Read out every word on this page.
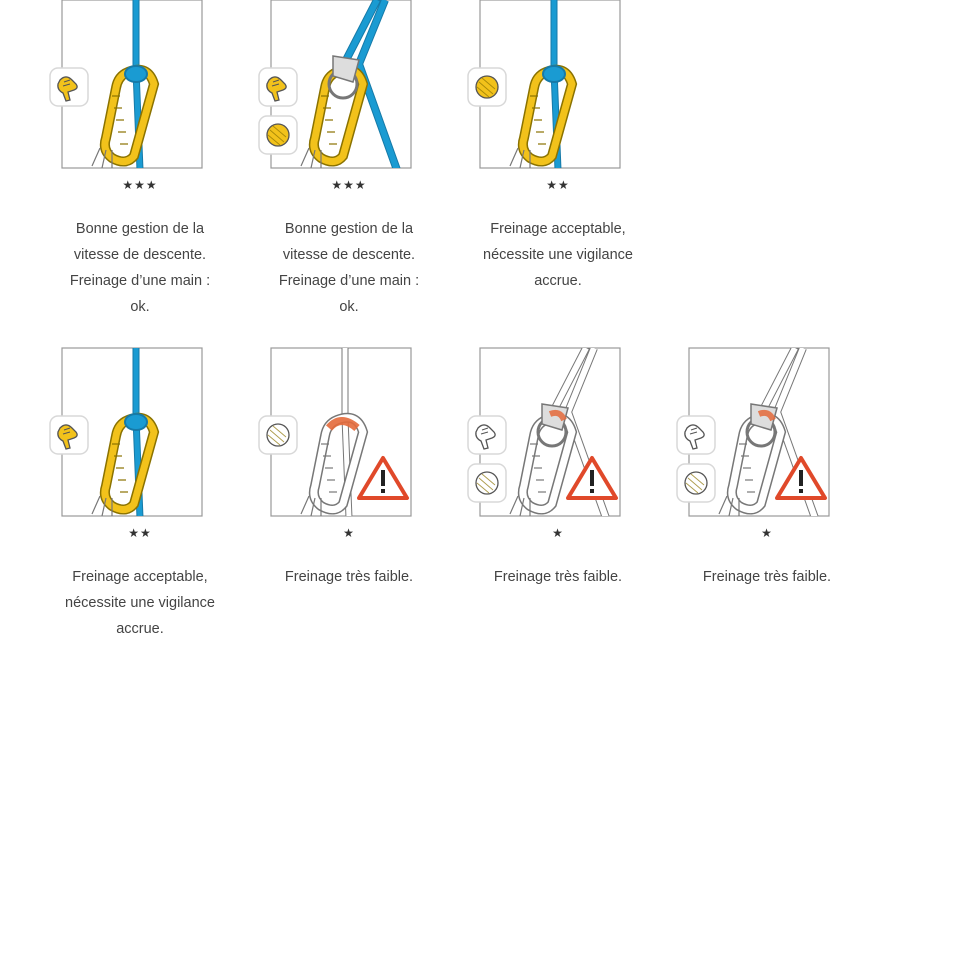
★★★
Bonne gestion de la
vitesse de descente.
Freinage d’une main :
ok.
★★★
Bonne gestion de la
vitesse de descente.
Freinage d’une main :
ok.
★★
Freinage acceptable,
nécessite une vigilance
accrue.
★★
Freinage acceptable,
nécessite une vigilance
accrue.
★
Freinage très faible.
★
Freinage très faible.
★
Freinage très faible.
